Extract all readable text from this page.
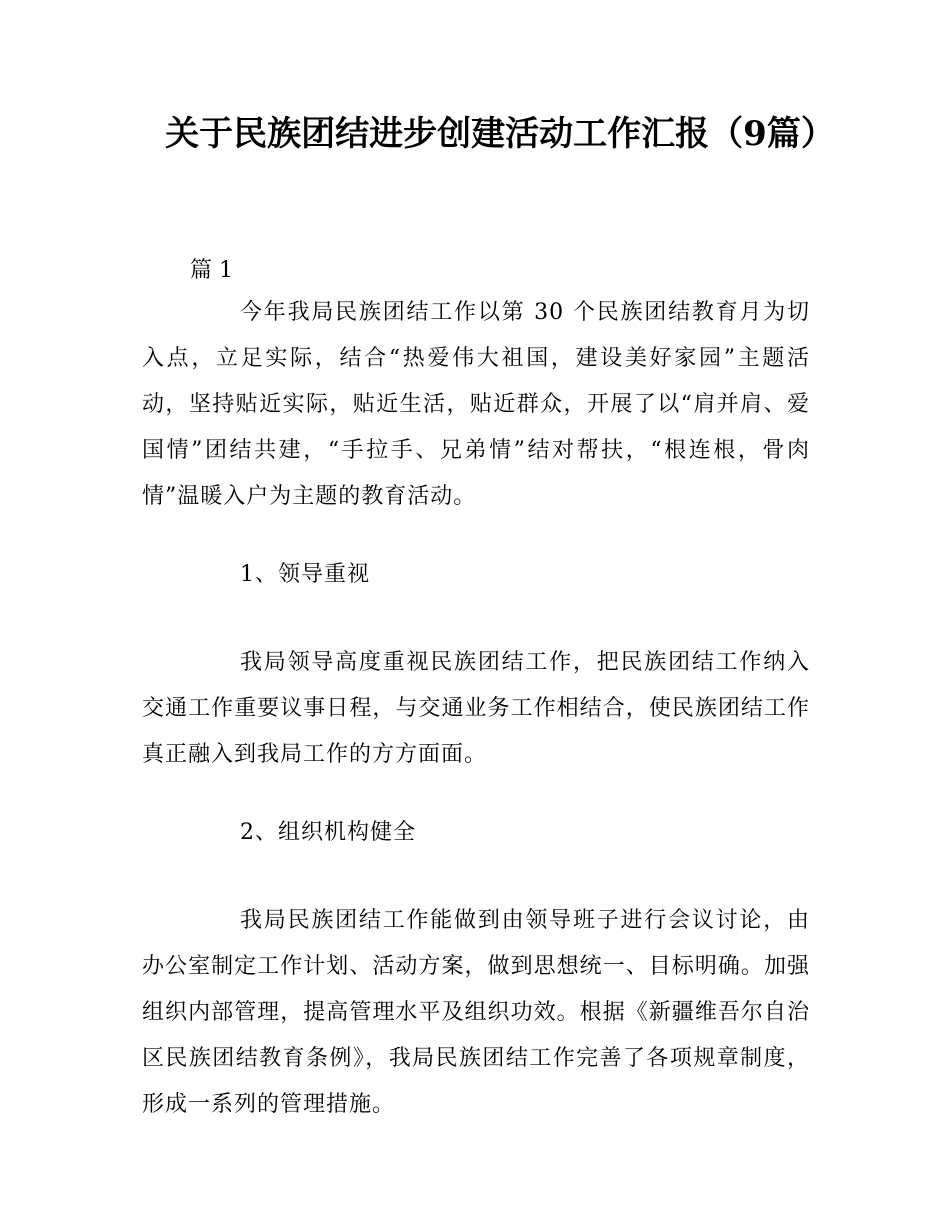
关于民族团结进步创建活动工作汇报（9篇）

篇 1

今年我局民族团结工作以第 30 个民族团结教育月为切入点，立足实际，结合“热爱伟大祖国，建设美好家园”主题活动，坚持贴近实际，贴近生活，贴近群众，开展了以“肩并肩、爱国情”团结共建，“手拉手、兄弟情”结对帮扶，“根连根，骨肉情”温暖入户为主题的教育活动。

1、领导重视

我局领导高度重视民族团结工作，把民族团结工作纳入交通工作重要议事日程，与交通业务工作相结合，使民族团结工作真正融入到我局工作的方方面面。

2、组织机构健全

我局民族团结工作能做到由领导班子进行会议讨论，由办公室制定工作计划、活动方案，做到思想统一、目标明确。加强组织内部管理，提高管理水平及组织功效。根据《新疆维吾尔自治区民族团结教育条例》，我局民族团结工作完善了各项规章制度，形成一系列的管理措施。
